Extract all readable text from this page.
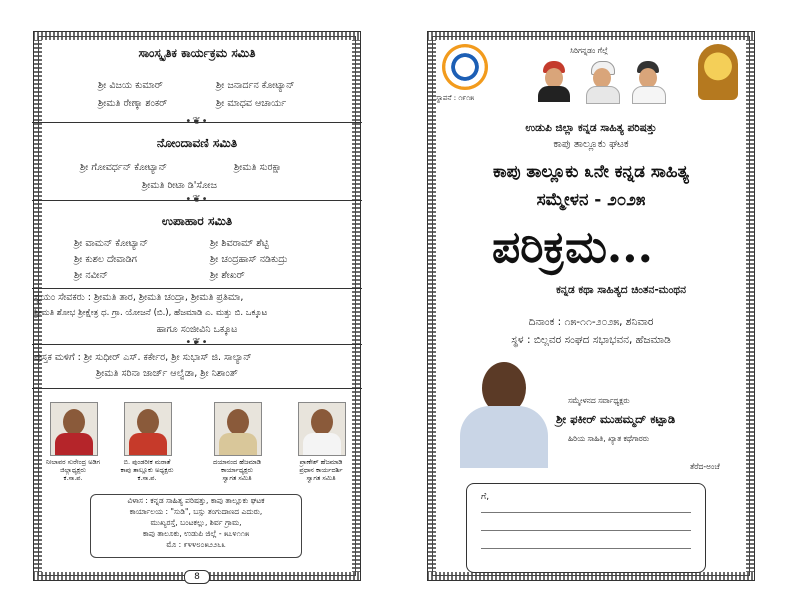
ಸಾಂಸ್ಕೃತಿಕ ಕಾರ್ಯಕ್ರಮ ಸಮಿತಿ
ಶ್ರೀ ವಿಜಯ ಕುಮಾರ್	ಶ್ರೀ ಜನಾರ್ದನ ಕೋಟ್ಯಾನ್
ಶ್ರೀಮತಿ ರೇಣ್ಕಾ ಶಂಕರ್	ಶ್ರೀ ಮಾಧವ ಆಚಾರ್ಯ
•❦•
ನೋಂದಾವಣಿ ಸಮಿತಿ
ಶ್ರೀ ಗೋವರ್ಧನ್ ಕೋಟ್ಯಾನ್	ಶ್ರೀಮತಿ ಸುರಕ್ಷಾ
ಶ್ರೀಮತಿ ರೀಟಾ ಡಿ'ಸೋಜ
•❦•
ಉಪಾಹಾರ ಸಮಿತಿ
ಶ್ರೀ ವಾಮನ್ ಕೋಟ್ಯಾನ್	ಶ್ರೀ ಶಿವರಾಮ್ ಶೆಟ್ಟಿ
ಶ್ರೀ ಕುಶಲ ದೇವಾಡಿಗ	ಶ್ರೀ ಚಂದ್ರಹಾಸ್ ನಡಿಕುದ್ರು
ಶ್ರೀ ನವೀನ್	ಶ್ರೀ ಶೇಖರ್
ಸ್ವಯಂ ಸೇವಕರು : ಶ್ರೀಮತಿ ತಾರ, ಶ್ರೀಮತಿ ಚಂದ್ರಾ, ಶ್ರೀಮತಿ ಪ್ರತಿಮಾ,
ಶ್ರೀಮತಿ ಶೋಭ ಶ್ರೀಕ್ಷೇತ್ರ ಧ. ಗ್ರಾ. ಯೋಜನೆ (ಬಿ.), ಹೆಜಮಾಡಿ ಎ. ಮತ್ತು ಬಿ. ಒಕ್ಕೂಟ
ಹಾಗೂ ಸಂಜೀವಿನಿ ಒಕ್ಕೂಟ
•❦•
ಪುಸ್ತಕ ಮಳಿಗೆ : ಶ್ರೀ ಸುಧೀರ್ ಎಸ್. ಕರ್ಕೇರ, ಶ್ರೀ ಸುಭಾಸ್ ಜಿ. ಸಾಲ್ಯಾನ್
ಶ್ರೀಮತಿ ಸರಿನಾ ಜಾರ್ಜ್ ಆಲ್ವೆಡಾ, ಶ್ರೀ ನಿಶಾಂತ್
ನೀಲಾವರ ಸುರೇಂದ್ರ ಅಡಿಗ
ಜಿಲ್ಲಾಧ್ಯಕ್ಷರು
ಕ.ಸಾ.ಪ.
ಬಿ. ಪುಂಡರೀಕ ಮರಾತೆ
ಕಾಪು ತಾಲ್ಲೂಕು ಅಧ್ಯಕ್ಷರು
ಕ.ಸಾ.ಪ.
ದಯಾನಂದ ಹೆಜಮಾಡಿ
ಕಾರ್ಯಾಧ್ಯಕ್ಷರು
ಸ್ವಾಗತ ಸಮಿತಿ
ಪ್ರಾಣೇಶ್ ಹೆಜಮಾಡಿ
ಪ್ರಧಾನ ಕಾರ್ಯದರ್ಶಿ
ಸ್ವಾಗತ ಸಮಿತಿ
ವಿಳಾಸ : ಕನ್ನಡ ಸಾಹಿತ್ಯ ಪರಿಷತ್ತು, ಕಾಪು ತಾಲ್ಲೂಕು ಘಟಕ
ಕಾರ್ಯಾಲಯ : "ಸುಡಿ", ಬಸ್ಸು ತಂಗುದಾಣದ ಎದುರು,
ಮುಖ್ಯರಸ್ತೆ, ಬಂಟಕಲ್ಲು, ಶಿರ್ವ ಗ್ರಾಮ,
ಕಾಪು ತಾಲೂಕು, ಉಡುಪಿ ಜಿಲ್ಲೆ - ೫೭೪೧೧೫
ಮೊ : ೯೪೪೮೦೫೨೨೬೩
8
ಸ್ಥಾಪನೆ : ೧೯೧೫
ಸಿರಿಗನ್ನಡಂ ಗೆಲ್ಗೆ
ಉಡುಪಿ ಜಿಲ್ಲಾ ಕನ್ನಡ ಸಾಹಿತ್ಯ ಪರಿಷತ್ತು
ಕಾಪು ತಾಲ್ಲೂಕು ಘಟಕ
ಕಾಪು ತಾಲ್ಲೂಕು ೩ನೇ ಕನ್ನಡ ಸಾಹಿತ್ಯ
ಸಮ್ಮೇಳನ - ೨೦೨೫
ಪರಿಕ್ರಮ...
ಕನ್ನಡ ಕಥಾ ಸಾಹಿತ್ಯದ ಚಿಂತನ-ಮಂಥನ
ದಿನಾಂಕ : ೧೫-೧೧-೨೦೨೫, ಶನಿವಾರ
ಸ್ಥಳ : ಬಿಲ್ಲವರ ಸಂಘದ ಸಭಾಭವನ, ಹೆಜಮಾಡಿ
ಸಮ್ಮೇಳನದ ಸರ್ವಾಧ್ಯಕ್ಷರು
ಶ್ರೀ ಫಕೀರ್ ಮುಹಮ್ಮದ್ ಕಟ್ಪಾಡಿ
ಹಿರಿಯ ಸಾಹಿತಿ, ಖ್ಯಾತ ಕಥೆಗಾರರು
ತೆರೆದ-ಅಂಚೆ
ಗೆ,
